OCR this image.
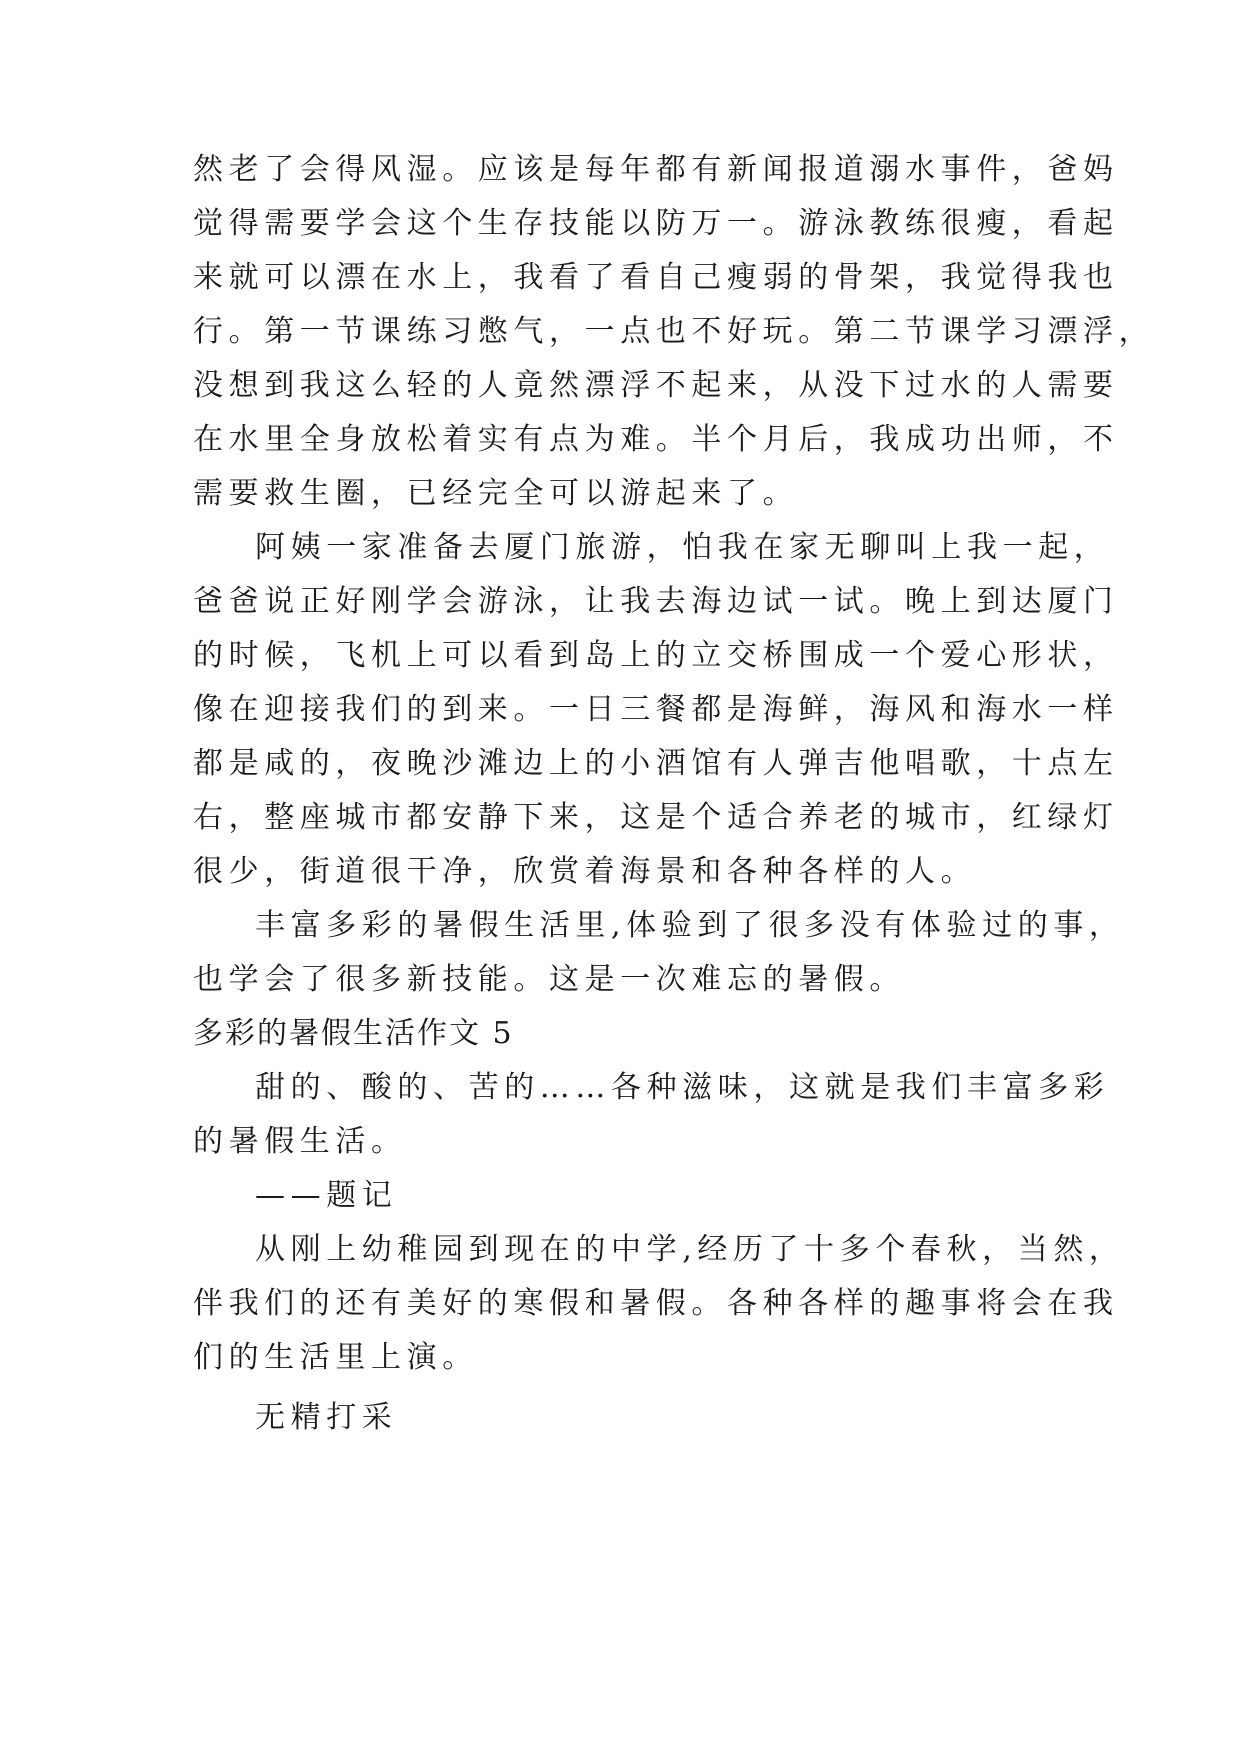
然老了会得风湿。应该是每年都有新闻报道溺水事件，爸妈
觉得需要学会这个生存技能以防万一。游泳教练很瘦，看起
来就可以漂在水上，我看了看自己瘦弱的骨架，我觉得我也
行。第一节课练习憋气，一点也不好玩。第二节课学习漂浮，
没想到我这么轻的人竟然漂浮不起来，从没下过水的人需要
在水里全身放松着实有点为难。半个月后，我成功出师，不
需要救生圈，已经完全可以游起来了。
阿姨一家准备去厦门旅游，怕我在家无聊叫上我一起，
爸爸说正好刚学会游泳，让我去海边试一试。晚上到达厦门
的时候，飞机上可以看到岛上的立交桥围成一个爱心形状，
像在迎接我们的到来。一日三餐都是海鲜，海风和海水一样
都是咸的，夜晚沙滩边上的小酒馆有人弹吉他唱歌，十点左
右，整座城市都安静下来，这是个适合养老的城市，红绿灯
很少，街道很干净，欣赏着海景和各种各样的人。
丰富多彩的暑假生活里,体验到了很多没有体验过的事，
也学会了很多新技能。这是一次难忘的暑假。
多彩的暑假生活作文 5
甜的、酸的、苦的……各种滋味，这就是我们丰富多彩
的暑假生活。
——题记
从刚上幼稚园到现在的中学,经历了十多个春秋，当然，
伴我们的还有美好的寒假和暑假。各种各样的趣事将会在我
们的生活里上演。
无精打采
